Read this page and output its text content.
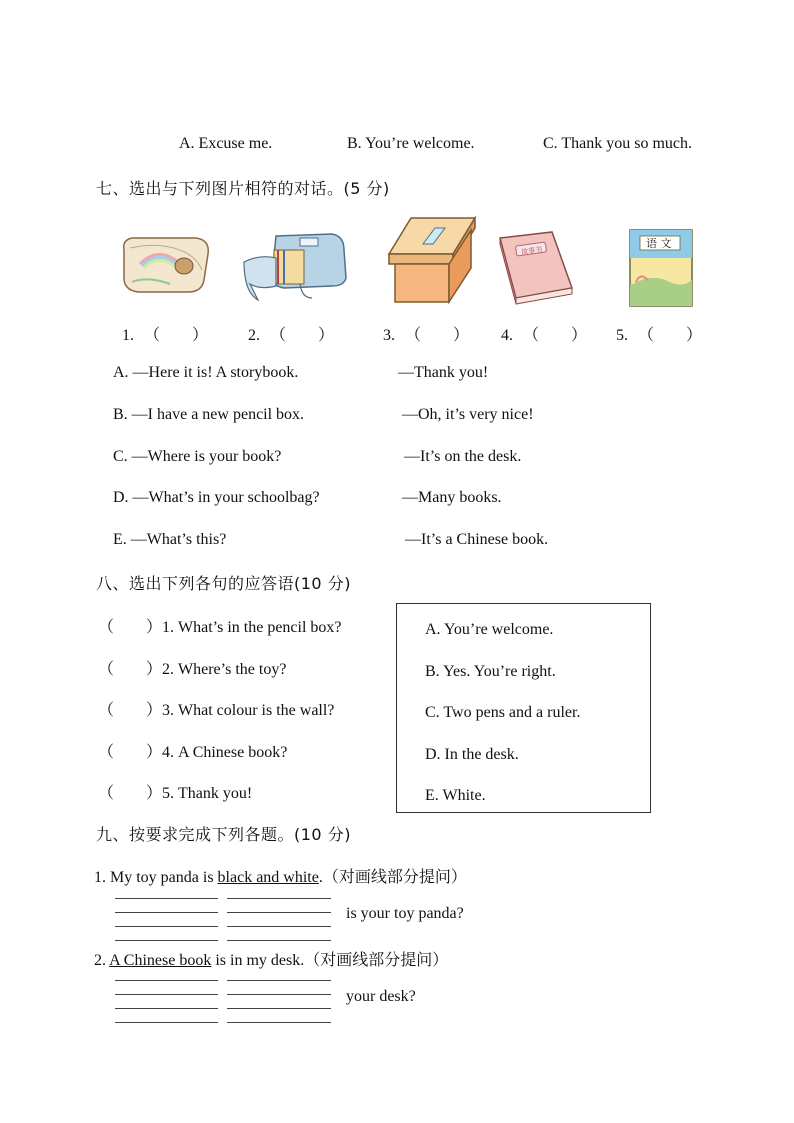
A. Excuse me.	B. You’re welcome.	C. Thank you so much.
七、选出与下列图片相符的对话。(5 分)
故事书
语 文
1. （　　） 2. （　　）	3. （　　） 4. （　　） 5. （　　）
A. —Here it is! A storybook.	—Thank you!
B. —I have a new pencil box.	—Oh, it’s very nice!
C. —Where is your book?	—It’s on the desk.
D. —What’s in your schoolbag?	—Many books.
E. —What’s this?	—It’s a Chinese book.
八、选出下列各句的应答语(10 分)
（　　）1. What’s in the pencil box?
（　　）2. Where’s the toy?
（　　）3. What colour is the wall?
（　　）4. A Chinese book?
（　　）5. Thank you!
A. You’re welcome.
B. Yes. You’re right.
C. Two pens and a ruler.
D. In the desk.
E. White.
九、按要求完成下列各题。(10 分)
1. My toy panda is black and white.（对画线部分提问）
is your toy panda?
2. A Chinese book is in my desk.（对画线部分提问）
your desk?
